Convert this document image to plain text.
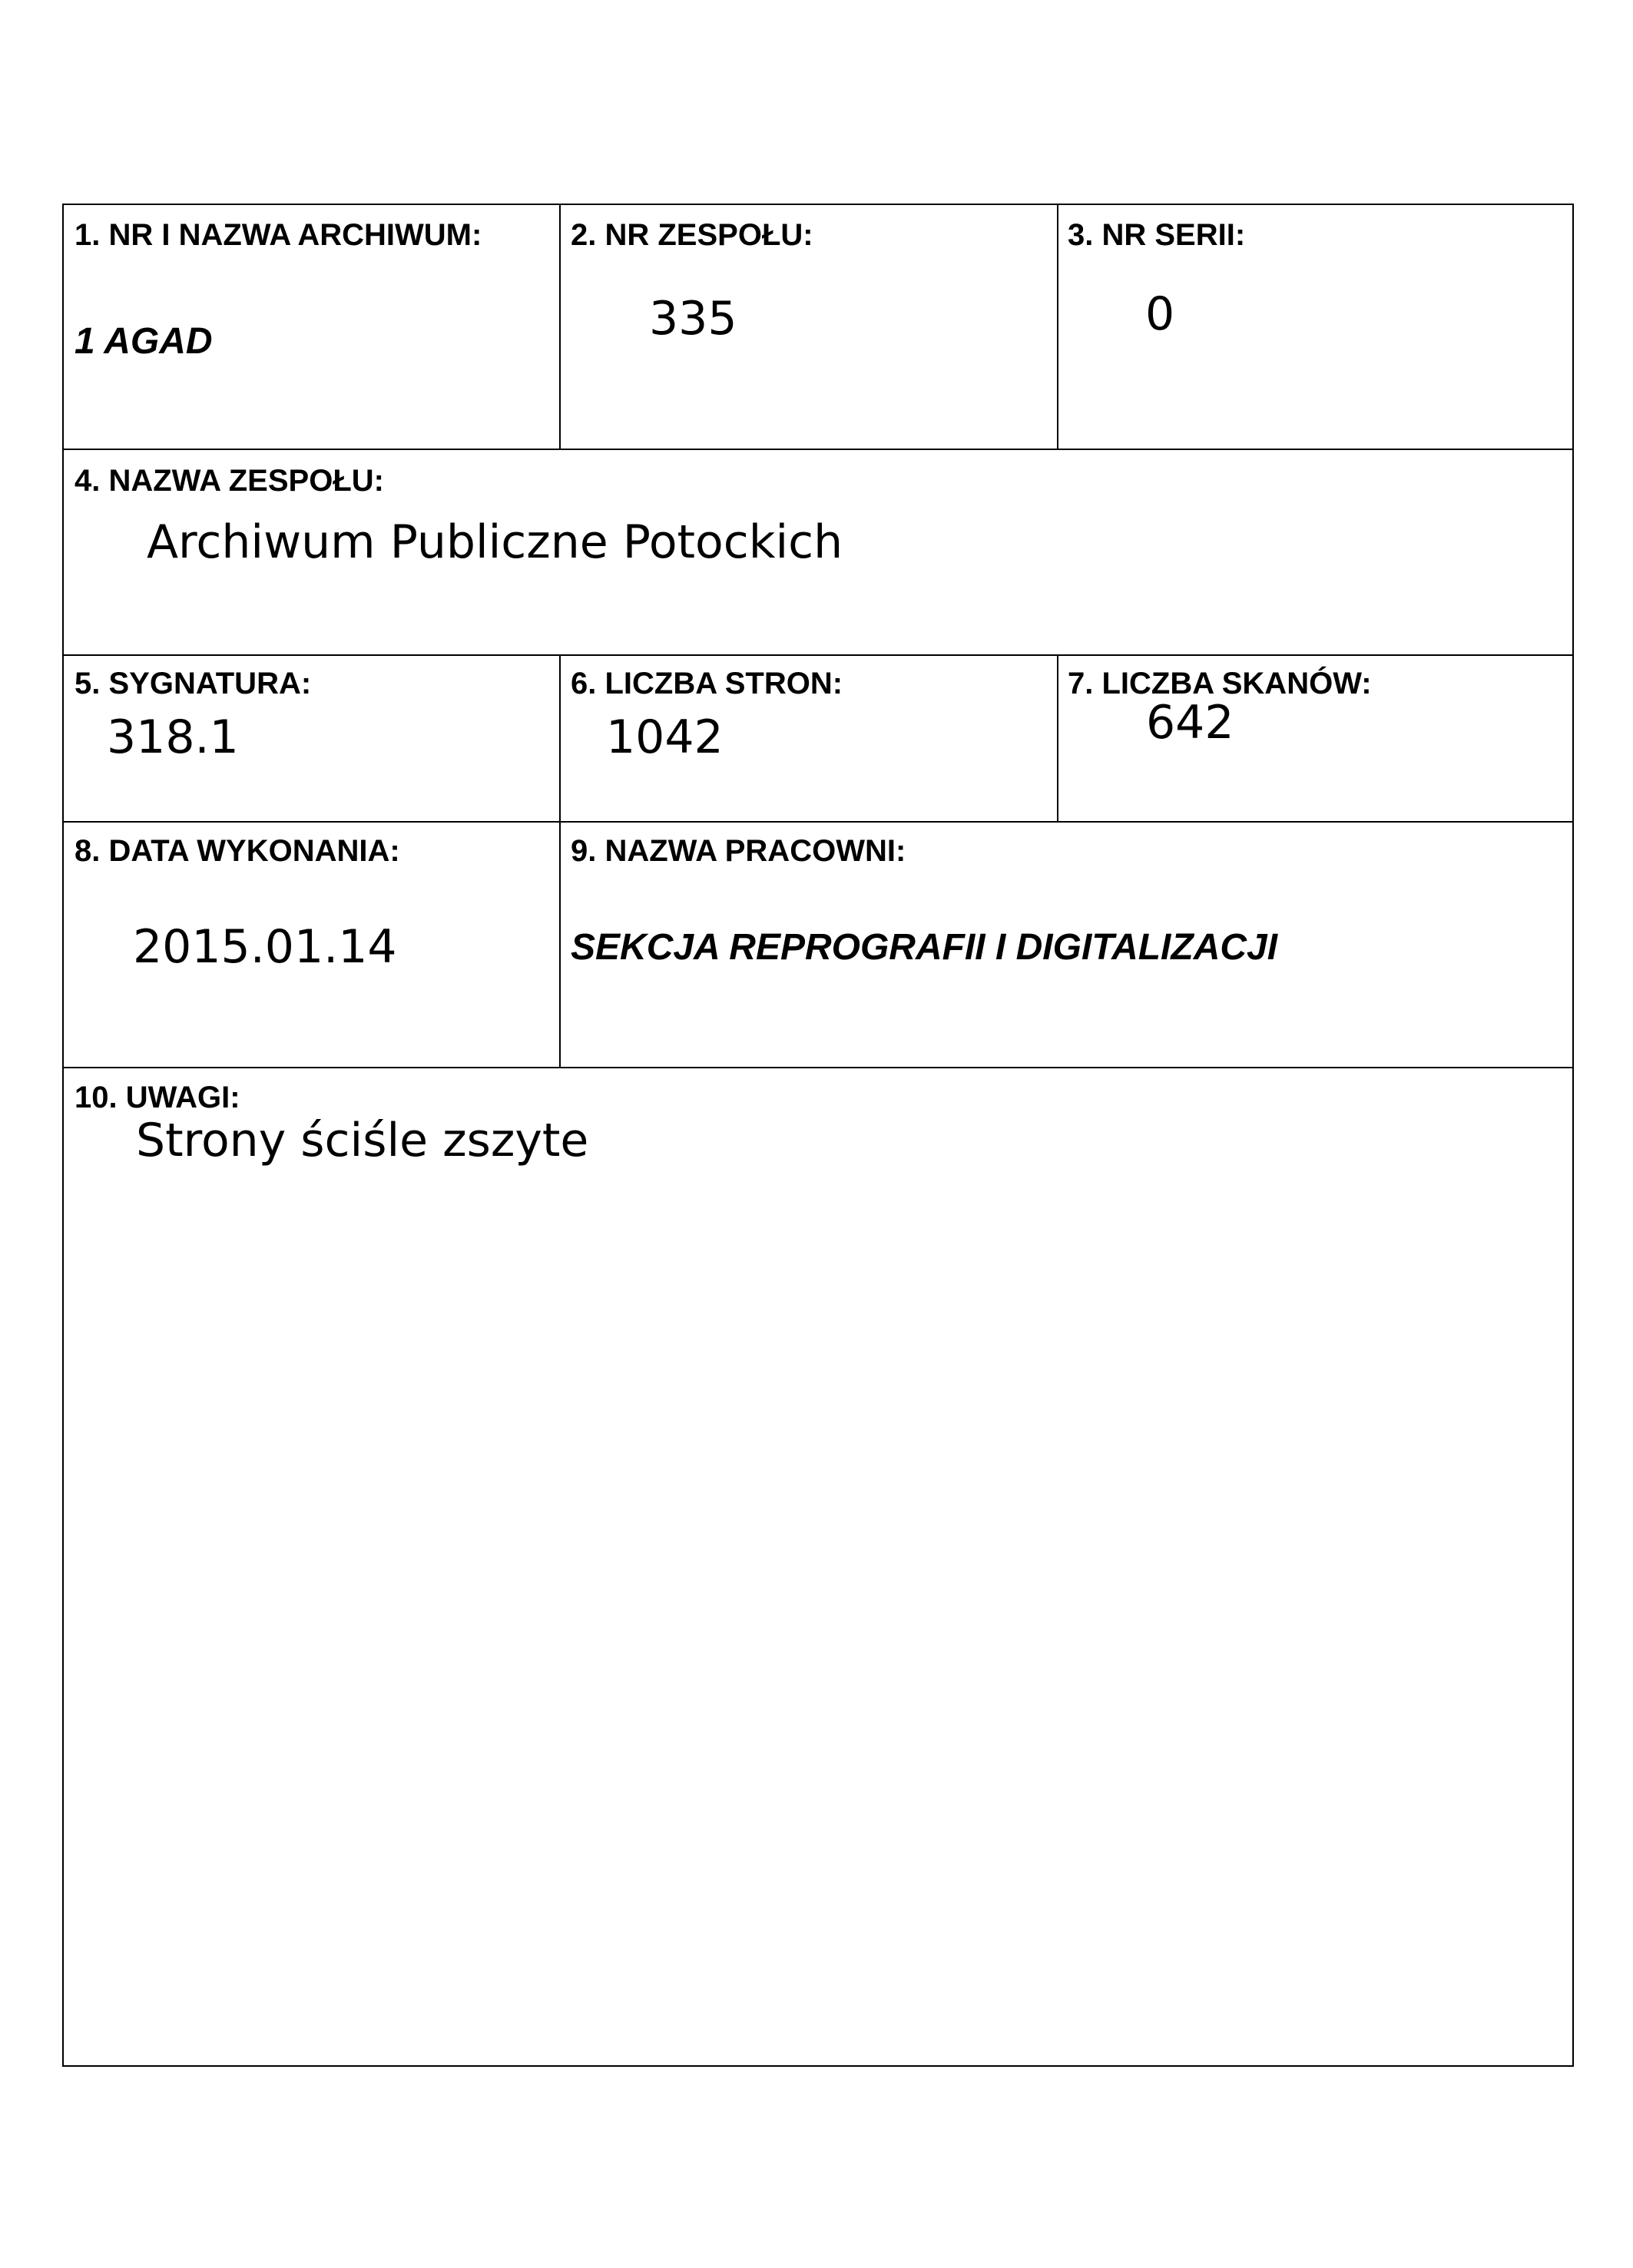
1. NR I NAZWA ARCHIWUM:
1 AGAD
2. NR ZESPOŁU:
335
3. NR SERII:
0
4. NAZWA ZESPOŁU:
Archiwum Publiczne Potockich
5. SYGNATURA:
318.1
6. LICZBA STRON:
1042
7. LICZBA SKANÓW:
642
8. DATA WYKONANIA:
2015.01.14
9. NAZWA PRACOWNI:
SEKCJA REPROGRAFII I DIGITALIZACJI
10. UWAGI:
Strony ściśle zszyte
